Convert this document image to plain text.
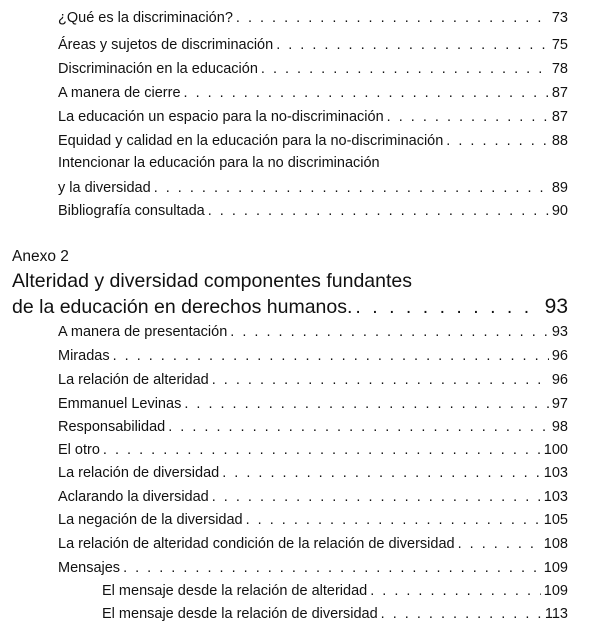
¿Qué es la discriminación? . . .	73
Áreas y sujetos de discriminación . . .	75
Discriminación en la educación . . .	78
A manera de cierre . . .	87
La educación un espacio para la no-discriminación . . .	87
Equidad y calidad en la educación para la no-discriminación . . .	88
Intencionar la educación para la no discriminación
y la diversidad . . .	89
Bibliografía consultada . . .	90
Anexo 2
Alteridad y diversidad componentes fundantes
de la educación en derechos humanos. . . .	93
A manera de presentación . . .	93
Miradas . . .	96
La relación de alteridad . . .	96
Emmanuel Levinas . . .	97
Responsabilidad . . .	98
El otro . . .	100
La relación de diversidad . . .	103
Aclarando la diversidad . . .	103
La negación de la diversidad . . .	105
La relación de alteridad condición de la relación de diversidad . . .	108
Mensajes . . .	109
El mensaje desde la relación de alteridad . . .	109
El mensaje desde la relación de diversidad . . .	113
